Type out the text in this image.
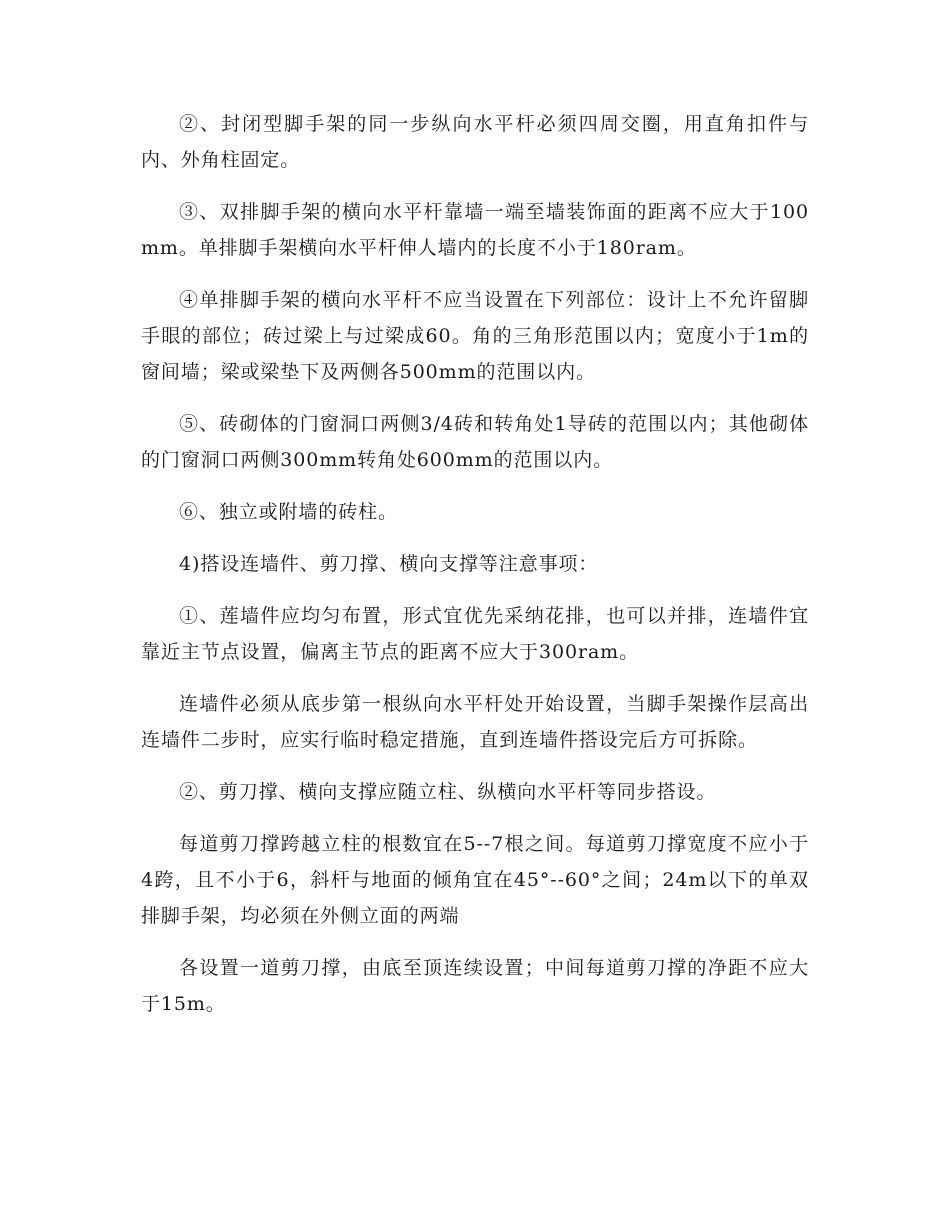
②、封闭型脚手架的同一步纵向水平杆必须四周交圈，用直角扣件与内、外角柱固定。

③、双排脚手架的横向水平杆靠墙一端至墙装饰面的距离不应大于100mm。单排脚手架横向水平杆伸人墙内的长度不小于180ram。

④单排脚手架的横向水平杆不应当设置在下列部位：设计上不允许留脚手眼的部位；砖过梁上与过梁成60。角的三角形范围以内；宽度小于1m的窗间墙；梁或梁垫下及两侧各500mm的范围以内。

⑤、砖砌体的门窗洞口两侧3/4砖和转角处1导砖的范围以内；其他砌体的门窗洞口两侧300mm转角处600mm的范围以内。

⑥、独立或附墙的砖柱。

4)搭设连墙件、剪刀撑、横向支撑等注意事项：

①、莲墙件应均匀布置，形式宜优先采纳花排，也可以并排，连墙件宜靠近主节点设置，偏离主节点的距离不应大于300ram。

连墙件必须从底步第一根纵向水平杆处开始设置，当脚手架操作层高出连墙件二步时，应实行临时稳定措施，直到连墙件搭设完后方可拆除。

②、剪刀撑、横向支撑应随立柱、纵横向水平杆等同步搭设。

每道剪刀撑跨越立柱的根数宜在5--7根之间。每道剪刀撑宽度不应小于4跨，且不小于6，斜杆与地面的倾角宜在45°--60°之间；24m以下的单双排脚手架，均必须在外侧立面的两端

各设置一道剪刀撑，由底至顶连续设置；中间每道剪刀撑的净距不应大于15m。
